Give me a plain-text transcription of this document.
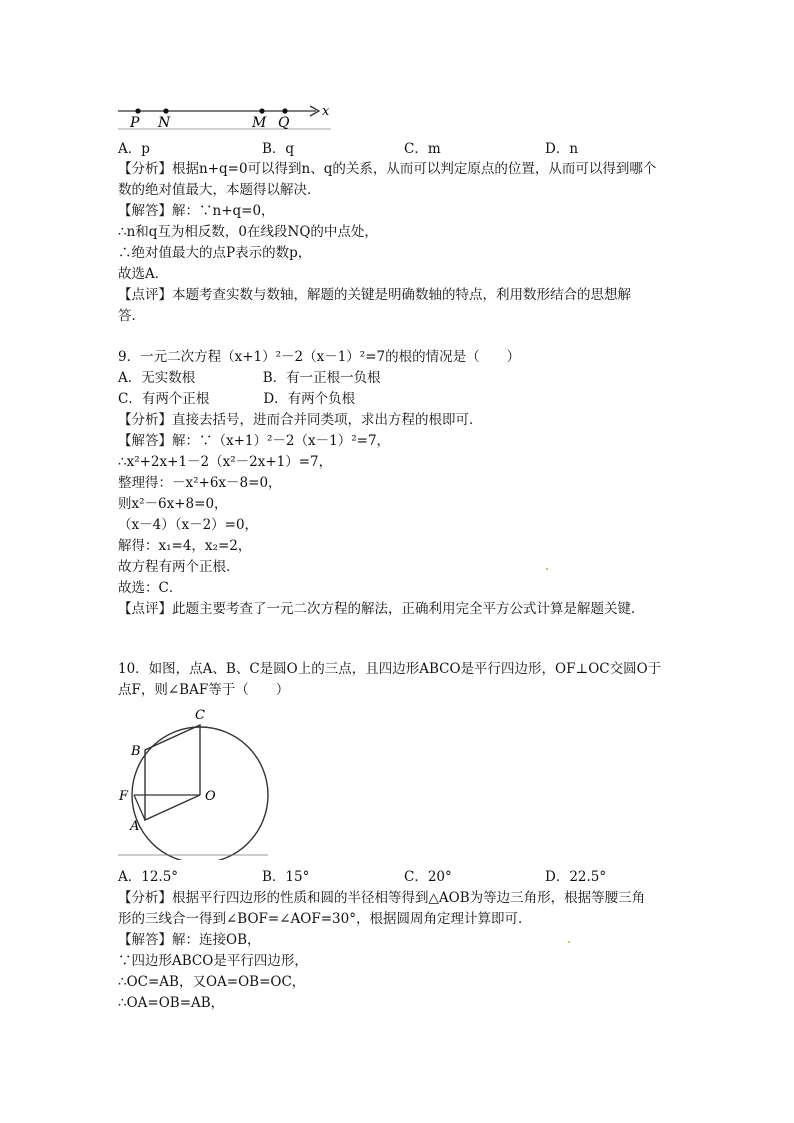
P N	M Q
x
A．p	B．q	C．m	D．n
【分析】根据n+q=0可以得到n、q的关系，从而可以判定原点的位置，从而可以得到哪个
数的绝对值最大，本题得以解决．
【解答】解：∵n+q=0，
∴n和q互为相反数，0在线段NQ的中点处，
∴绝对值最大的点P表示的数p，
故选A．
【点评】本题考查实数与数轴，解题的关键是明确数轴的特点，利用数形结合的思想解
答．
9．一元二次方程（x+1）²－2（x－1）²=7的根的情况是（　　）
A．无实数根　　　　　B．有一正根一负根
C．有两个正根　　　　D．有两个负根
【分析】直接去括号，进而合并同类项，求出方程的根即可．
【解答】解：∵（x+1）²－2（x－1）²=7，
∴x²+2x+1－2（x²－2x+1）=7，
整理得：－x²+6x－8=0，
则x²－6x+8=0，
（x－4）（x－2）=0，
解得：x₁=4，x₂=2，
故方程有两个正根．
故选：C．
【点评】此题主要考查了一元二次方程的解法，正确利用完全平方公式计算是解题关键．
10．如图，点A、B、C是圆O上的三点，且四边形ABCO是平行四边形，OF⊥OC交圆O于
点F，则∠BAF等于（　　）
C
B
F	O
A
A．12.5°	B．15°	C．20°	D．22.5°
【分析】根据平行四边形的性质和圆的半径相等得到△AOB为等边三角形，根据等腰三角
形的三线合一得到∠BOF=∠AOF=30°，根据圆周角定理计算即可．
【解答】解：连接OB，
∵四边形ABCO是平行四边形，
∴OC=AB，又OA=OB=OC，
∴OA=OB=AB，
